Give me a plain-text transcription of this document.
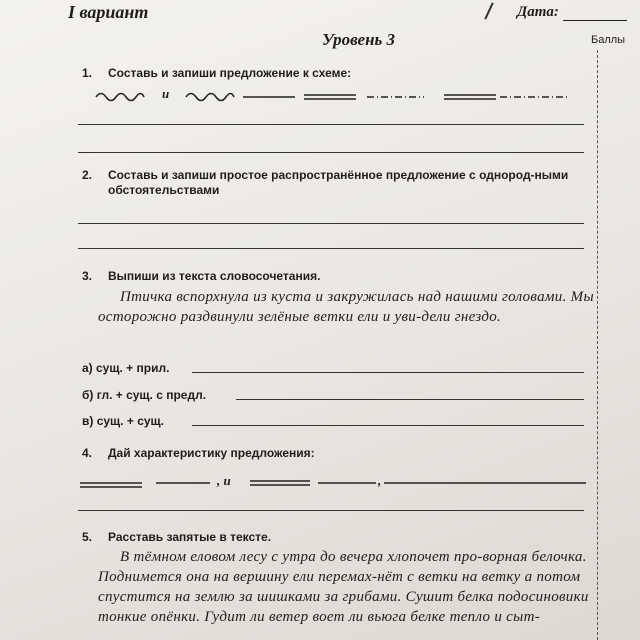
I вариант	Дата:
Уровень 3	Баллы
1. Составь и запиши предложение к схеме:
и
2. Составь и запиши простое распространённое предложение с однород-ными обстоятельствами
3. Выпиши из текста словосочетания.
Птичка вспорхнула из куста и закружилась над нашими головами. Мы осторожно раздвинули зелёные ветки ели и уви-дели гнездо.
а) сущ. + прил.
б) гл. + сущ. с предл.
в) сущ. + сущ.
4. Дай характеристику предложения:
, и	,
5. Расставь запятые в тексте.
В тёмном еловом лесу с утра до вечера хлопочет про-ворная белочка. Поднимется она на вершину ели перемах-нёт с ветки на ветку а потом спустится на землю за шишками за грибами. Сушит белка подосиновики тонкие опёнки. Гудит ли ветер воет ли вьюга белке тепло и сыт-
